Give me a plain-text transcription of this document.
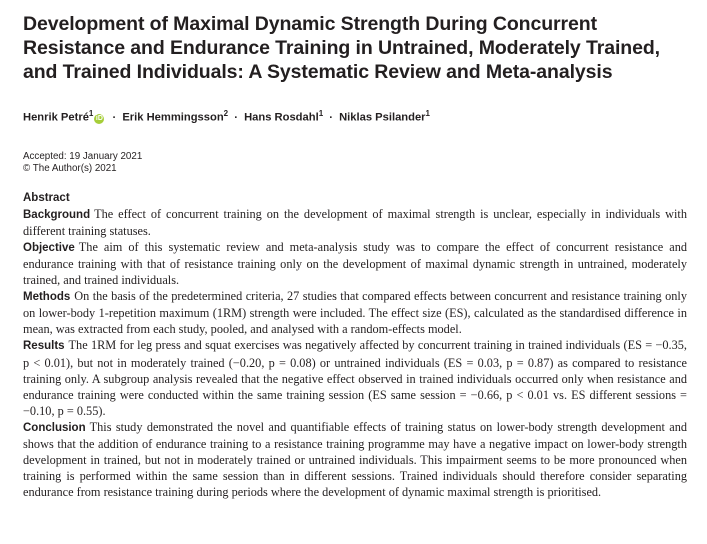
Development of Maximal Dynamic Strength During Concurrent Resistance and Endurance Training in Untrained, Moderately Trained, and Trained Individuals: A Systematic Review and Meta-analysis
Henrik Petré$^1$iD · Erik Hemmingsson$^2$ · Hans Rosdahl$^1$ · Niklas Psilander$^1$
Accepted: 19 January 2021
© The Author(s) 2021
Abstract

Background The effect of concurrent training on the development of maximal strength is unclear, especially in individuals with different training statuses.

Objective The aim of this systematic review and meta-analysis study was to compare the effect of concurrent resistance and endurance training with that of resistance training only on the development of maximal dynamic strength in untrained, moderately trained, and trained individuals.

Methods On the basis of the predetermined criteria, 27 studies that compared effects between concurrent and resistance training only on lower-body 1-repetition maximum (1RM) strength were included. The effect size (ES), calculated as the standardised difference in mean, was extracted from each study, pooled, and analysed with a random-effects model.

Results The 1RM for leg press and squat exercises was negatively affected by concurrent training in trained individuals (ES = −0.35, p < 0.01), but not in moderately trained (−0.20, p = 0.08) or untrained individuals (ES = 0.03, p = 0.87) as compared to resistance training only. A subgroup analysis revealed that the negative effect observed in trained individuals occurred only when resistance and endurance training were conducted within the same training session (ES same session = −0.66, p < 0.01 vs. ES different sessions = −0.10, p = 0.55).

Conclusion This study demonstrated the novel and quantifiable effects of training status on lower-body strength development and shows that the addition of endurance training to a resistance training programme may have a negative impact on lower-body strength development in trained, but not in moderately trained or untrained individuals. This impairment seems to be more pronounced when training is performed within the same session than in different sessions. Trained individuals should therefore consider separating endurance from resistance training during periods where the development of dynamic maximal strength is prioritised.
